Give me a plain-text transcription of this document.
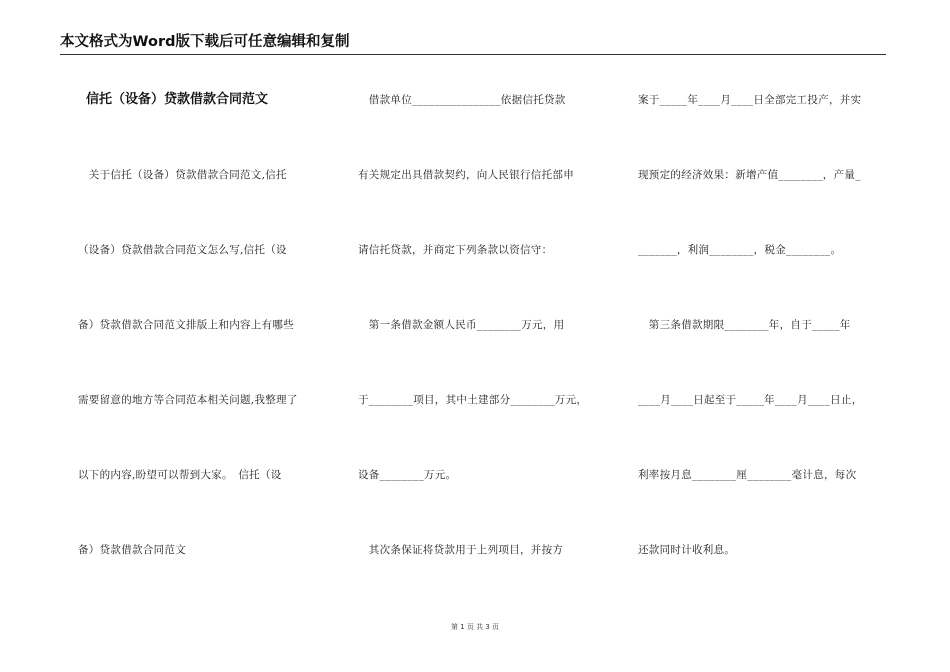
本文格式为Word版下载后可任意编辑和复制
信托（设备）贷款借款合同范文
　关于信托（设备）贷款借款合同范文,信托
（设备）贷款借款合同范文怎么写,信托（设
备）贷款借款合同范文排版上和内容上有哪些
需要留意的地方等合同范本相关问题,我整理了
以下的内容,盼望可以帮到大家。　信托（设
备）贷款借款合同范文
　借款单位________________依据信托贷款
有关规定出具借款契约，向人民银行信托部申
请信托贷款，并商定下列条款以资信守：
　第一条借款金额人民币________万元，用
于________项目，其中土建部分________万元，
设备________万元。
　其次条保证将贷款用于上列项目，并按方
案于_____年____月____日全部完工投产，并实
现预定的经济效果：新增产值________，产量_
_______，利润________，税金________。
　第三条借款期限________年，自于_____年
____月____日起至于_____年____月____日止，
利率按月息________厘________毫计息，每次
还款同时计收利息。
第 1 页 共 3 页
